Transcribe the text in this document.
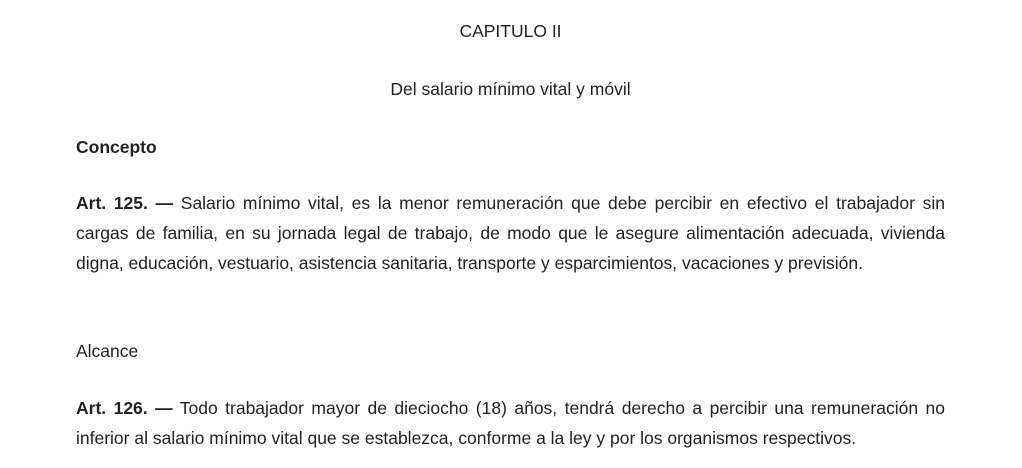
CAPITULO II
Del salario mínimo vital y móvil
Concepto

Art. 125. — Salario mínimo vital, es la menor remuneración que debe percibir en efectivo el trabajador sin cargas de familia, en su jornada legal de trabajo, de modo que le asegure alimentación adecuada, vivienda digna, educación, vestuario, asistencia sanitaria, transporte y esparcimientos, vacaciones y previsión.

Alcance

Art. 126. — Todo trabajador mayor de dieciocho (18) años, tendrá derecho a percibir una remuneración no inferior al salario mínimo vital que se establezca, conforme a la ley y por los organismos respectivos.
